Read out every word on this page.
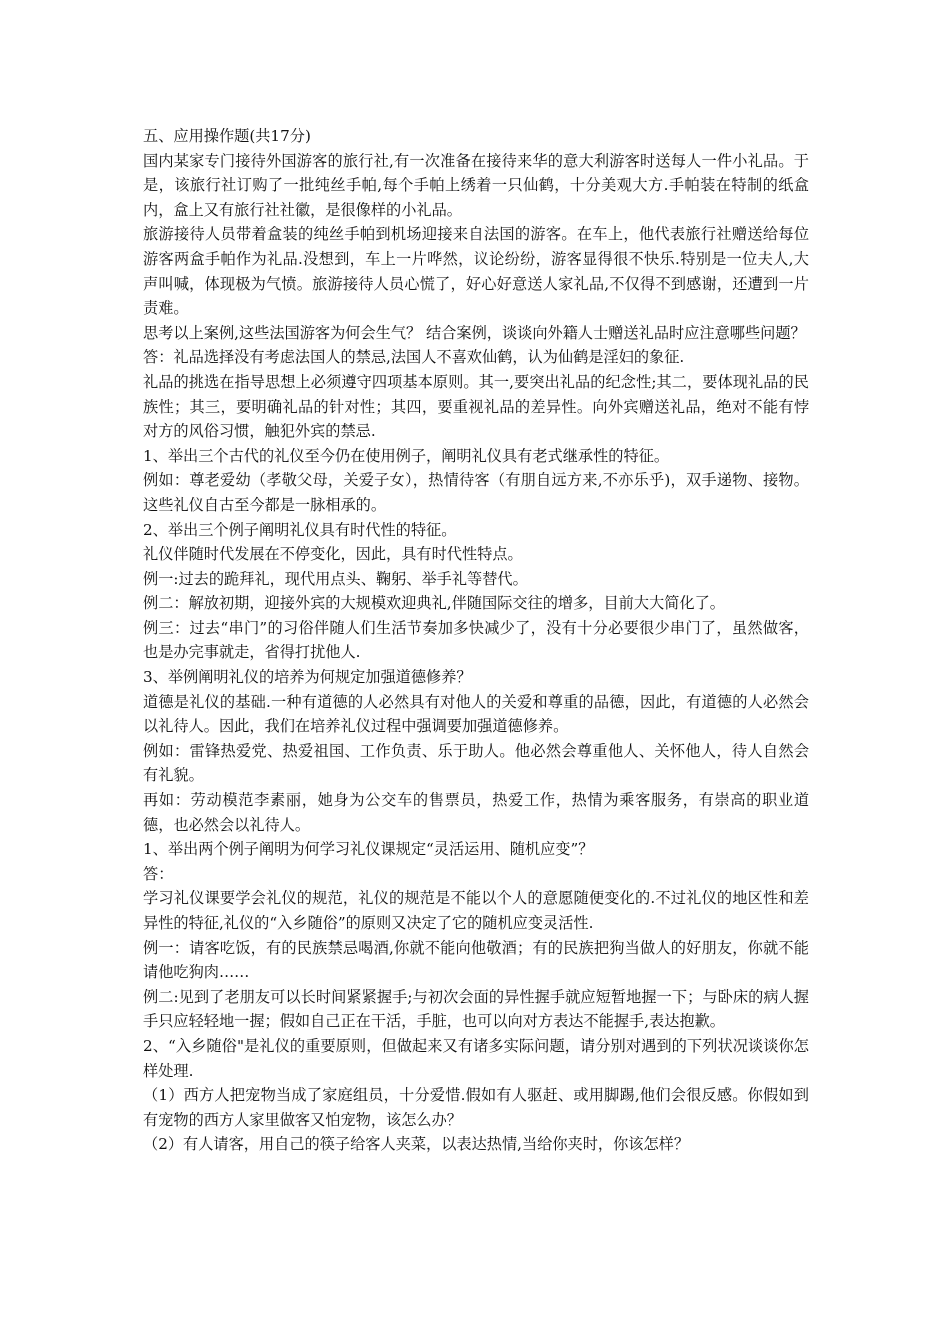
五、应用操作题(共17分)

国内某家专门接待外国游客的旅行社,有一次准备在接待来华的意大利游客时送每人一件小礼品。于是，该旅行社订购了一批纯丝手帕,每个手帕上绣着一只仙鹤，十分美观大方.手帕装在特制的纸盒内，盒上又有旅行社社徽，是很像样的小礼品。

旅游接待人员带着盒装的纯丝手帕到机场迎接来自法国的游客。在车上，他代表旅行社赠送给每位游客两盒手帕作为礼品.没想到，车上一片哗然，议论纷纷，游客显得很不快乐.特别是一位夫人,大声叫喊，体现极为气愤。旅游接待人员心慌了，好心好意送人家礼品,不仅得不到感谢，还遭到一片责难。

思考以上案例,这些法国游客为何会生气？ 结合案例，谈谈向外籍人士赠送礼品时应注意哪些问题？

答：礼品选择没有考虑法国人的禁忌,法国人不喜欢仙鹤，认为仙鹤是淫妇的象征.

礼品的挑选在指导思想上必须遵守四项基本原则。其一,要突出礼品的纪念性;其二，要体现礼品的民族性；其三，要明确礼品的针对性；其四，要重视礼品的差异性。向外宾赠送礼品，绝对不能有悖对方的风俗习惯，触犯外宾的禁忌.

1、举出三个古代的礼仪至今仍在使用例子，阐明礼仪具有老式继承性的特征。

例如：尊老爱幼（孝敬父母，关爱子女），热情待客（有朋自远方来,不亦乐乎)，双手递物、接物。这些礼仪自古至今都是一脉相承的。

2、举出三个例子阐明礼仪具有时代性的特征。

礼仪伴随时代发展在不停变化，因此，具有时代性特点。

例一:过去的跪拜礼，现代用点头、鞠躬、举手礼等替代。

例二：解放初期，迎接外宾的大规模欢迎典礼,伴随国际交往的增多，目前大大简化了。

例三：过去“串门”的习俗伴随人们生活节奏加多快减少了，没有十分必要很少串门了，虽然做客，也是办完事就走，省得打扰他人.

3、举例阐明礼仪的培养为何规定加强道德修养？

道德是礼仪的基础.一种有道德的人必然具有对他人的关爱和尊重的品德，因此，有道德的人必然会以礼待人。因此，我们在培养礼仪过程中强调要加强道德修养。

例如：雷锋热爱党、热爱祖国、工作负责、乐于助人。他必然会尊重他人、关怀他人，待人自然会有礼貌。

再如：劳动模范李素丽，她身为公交车的售票员，热爱工作，热情为乘客服务，有崇高的职业道德，也必然会以礼待人。

1、举出两个例子阐明为何学习礼仪课规定“灵活运用、随机应变”？

答：

学习礼仪课要学会礼仪的规范，礼仪的规范是不能以个人的意愿随便变化的.不过礼仪的地区性和差异性的特征,礼仪的“入乡随俗”的原则又决定了它的随机应变灵活性.

例一：请客吃饭，有的民族禁忌喝酒,你就不能向他敬酒；有的民族把狗当做人的好朋友，你就不能请他吃狗肉……

例二:见到了老朋友可以长时间紧紧握手;与初次会面的异性握手就应短暂地握一下；与卧床的病人握手只应轻轻地一握；假如自己正在干活，手脏，也可以向对方表达不能握手,表达抱歉。

2、“入乡随俗"是礼仪的重要原则，但做起来又有诸多实际问题，请分别对遇到的下列状况谈谈你怎样处理.

（1）西方人把宠物当成了家庭组员，十分爱惜.假如有人驱赶、或用脚踢,他们会很反感。你假如到有宠物的西方人家里做客又怕宠物，该怎么办？

（2）有人请客，用自己的筷子给客人夹菜，以表达热情,当给你夹时，你该怎样？
